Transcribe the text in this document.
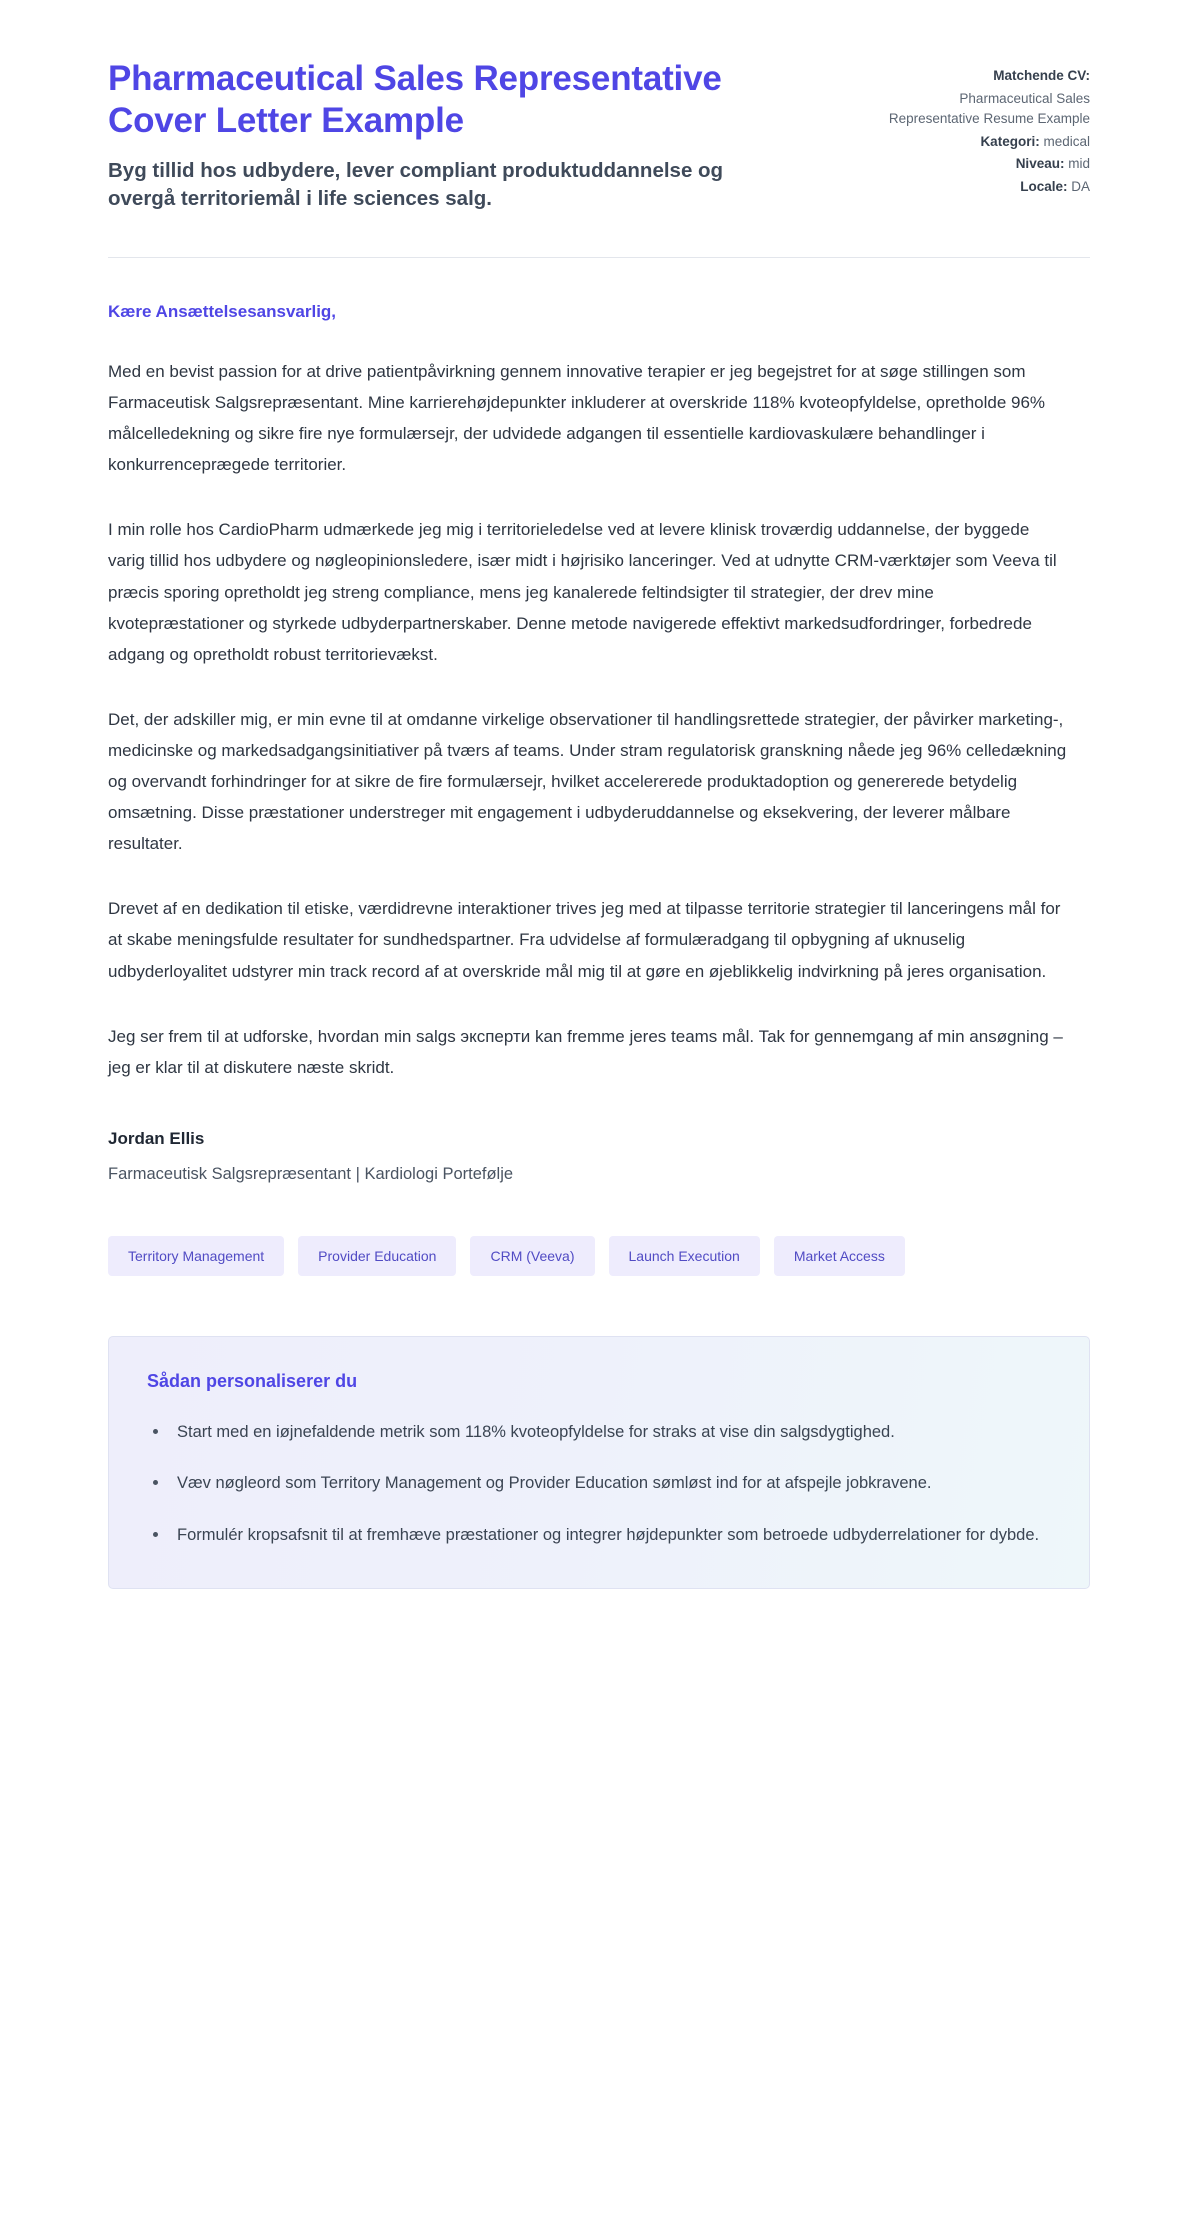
Pharmaceutical Sales Representative Cover Letter Example

Byg tillid hos udbydere, lever compliant produktuddannelse og overgå territoriemål i life sciences salg.

Matchende CV:
Pharmaceutical Sales Representative Resume Example
Kategori: medical
Niveau: mid
Locale: DA

Kære Ansættelsesansvarlig,

Med en bevist passion for at drive patientpåvirkning gennem innovative terapier er jeg begejstret for at søge stillingen som Farmaceutisk Salgsrepræsentant. Mine karrierehøjdepunkter inkluderer at overskride 118% kvoteopfyldelse, opretholde 96% målcelledekning og sikre fire nye formulærsejr, der udvidede adgangen til essentielle kardiovaskulære behandlinger i konkurrenceprægede territorier.

I min rolle hos CardioPharm udmærkede jeg mig i territorieledelse ved at levere klinisk troværdig uddannelse, der byggede varig tillid hos udbydere og nøgleopinionsledere, især midt i højrisiko lanceringer. Ved at udnytte CRM-værktøjer som Veeva til præcis sporing opretholdt jeg streng compliance, mens jeg kanalerede feltindsigter til strategier, der drev mine kvotepræstationer og styrkede udbyderpartnerskaber. Denne metode navigerede effektivt markedsudfordringer, forbedrede adgang og opretholdt robust territorievækst.

Det, der adskiller mig, er min evne til at omdanne virkelige observationer til handlingsrettede strategier, der påvirker marketing-, medicinske og markedsadgangsinitiativer på tværs af teams. Under stram regulatorisk granskning nåede jeg 96% celledækning og overvandt forhindringer for at sikre de fire formulærsejr, hvilket accelererede produktadoption og genererede betydelig omsætning. Disse præstationer understreger mit engagement i udbyderuddannelse og eksekvering, der leverer målbare resultater.

Drevet af en dedikation til etiske, værdidrevne interaktioner trives jeg med at tilpasse territorie strategier til lanceringens mål for at skabe meningsfulde resultater for sundhedspartner. Fra udvidelse af formulæradgang til opbygning af uknuselig udbyderloyalitet udstyrer min track record af at overskride mål mig til at gøre en øjeblikkelig indvirkning på jeres organisation.

Jeg ser frem til at udforske, hvordan min salgs эксперти kan fremme jeres teams mål. Tak for gennemgang af min ansøgning – jeg er klar til at diskutere næste skridt.

Jordan Ellis

Farmaceutisk Salgsrepræsentant | Kardiologi Portefølje

Territory Management	Provider Education	CRM (Veeva)	Launch Execution	Market Access
Sådan personaliserer du
Start med en iøjnefaldende metrik som 118% kvoteopfyldelse for straks at vise din salgsdygtighed.
Væv nøgleord som Territory Management og Provider Education sømløst ind for at afspejle jobkravene.
Formulér kropsafsnit til at fremhæve præstationer og integrer højdepunkter som betroede udbyderrelationer for dybde.
